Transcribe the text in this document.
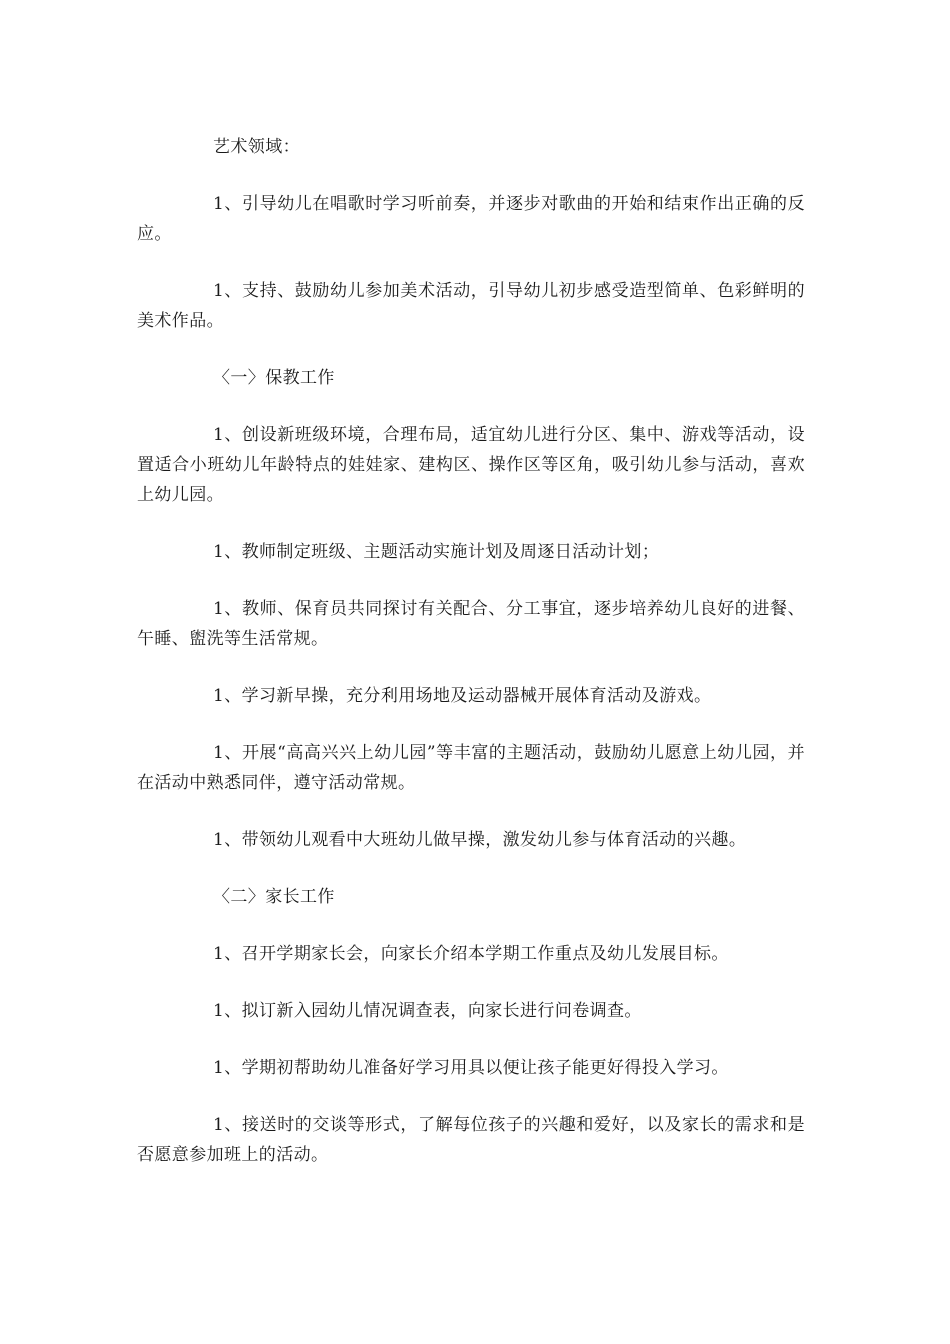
艺术领域：

1、引导幼儿在唱歌时学习听前奏，并逐步对歌曲的开始和结束作出正确的反应。

1、支持、鼓励幼儿参加美术活动，引导幼儿初步感受造型简单、色彩鲜明的美术作品。

〈一〉保教工作

1、创设新班级环境，合理布局，适宜幼儿进行分区、集中、游戏等活动，设置适合小班幼儿年龄特点的娃娃家、建构区、操作区等区角，吸引幼儿参与活动，喜欢上幼儿园。

1、教师制定班级、主题活动实施计划及周逐日活动计划；

1、教师、保育员共同探讨有关配合、分工事宜，逐步培养幼儿良好的进餐、午睡、盥洗等生活常规。

1、学习新早操，充分利用场地及运动器械开展体育活动及游戏。

1、开展“高高兴兴上幼儿园”等丰富的主题活动，鼓励幼儿愿意上幼儿园，并在活动中熟悉同伴，遵守活动常规。

1、带领幼儿观看中大班幼儿做早操，激发幼儿参与体育活动的兴趣。

〈二〉家长工作

1、召开学期家长会，向家长介绍本学期工作重点及幼儿发展目标。

1、拟订新入园幼儿情况调查表，向家长进行问卷调查。

1、学期初帮助幼儿准备好学习用具以便让孩子能更好得投入学习。

1、接送时的交谈等形式，了解每位孩子的兴趣和爱好，以及家长的需求和是否愿意参加班上的活动。
